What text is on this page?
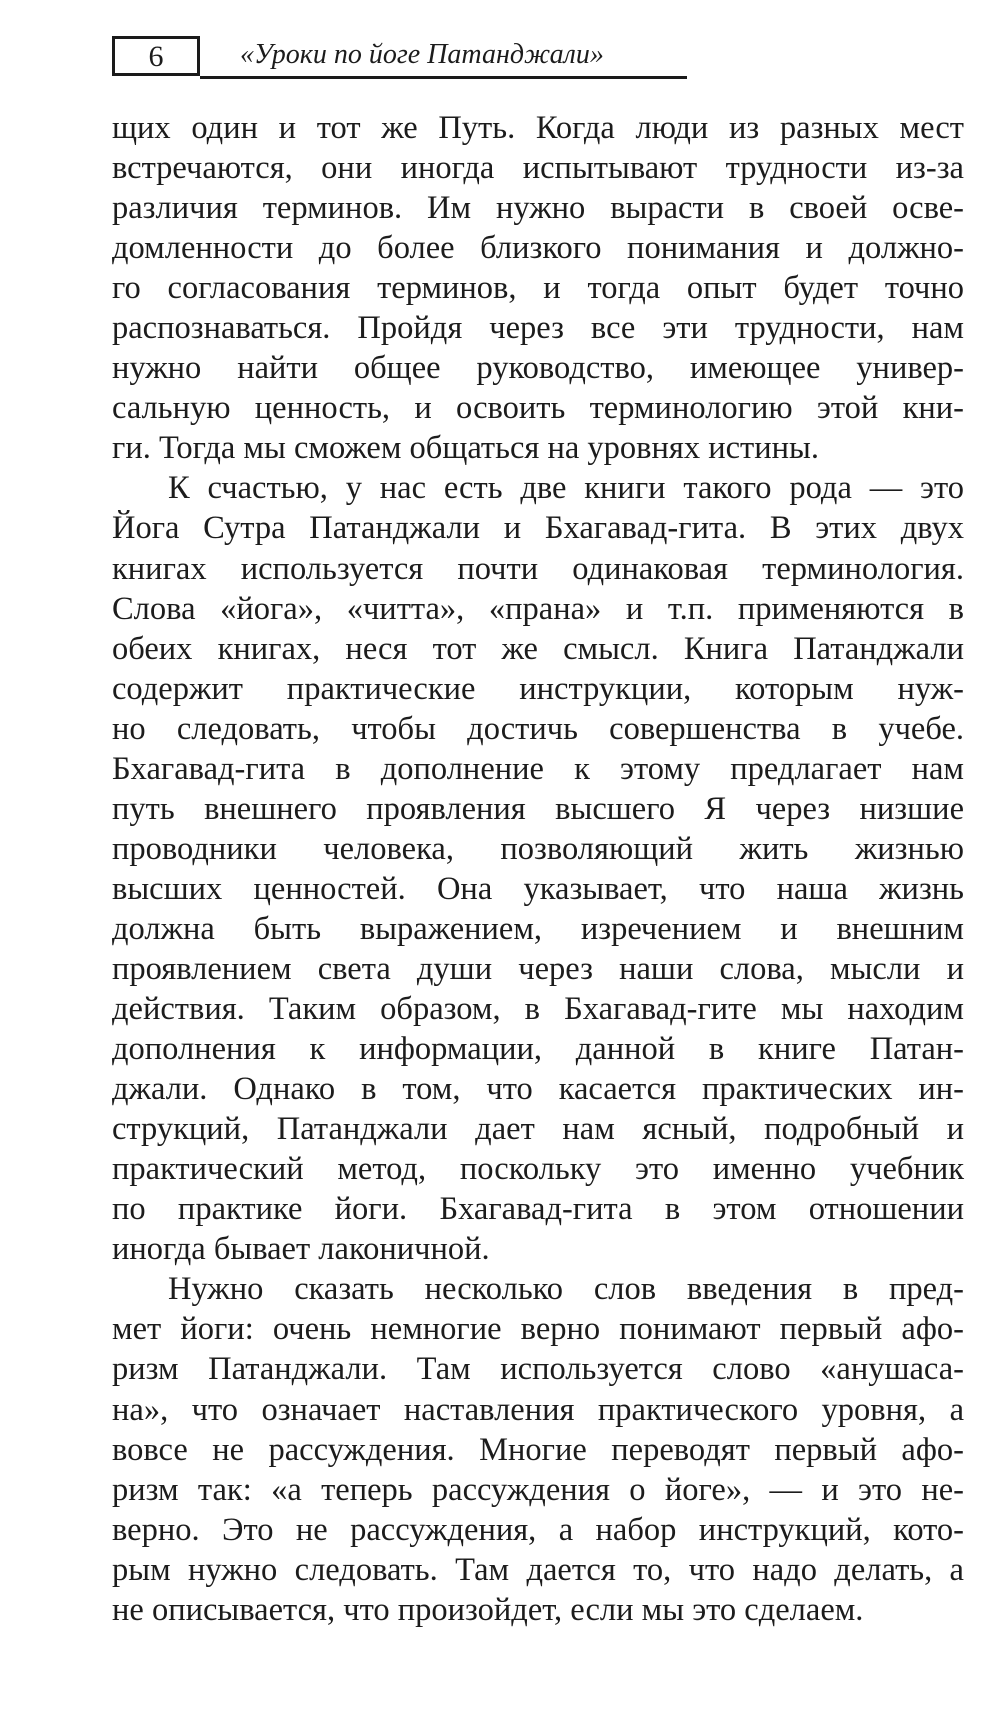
6	«Уроки по йоге Патанджали»
щих один и тот же Путь. Когда люди из разных мест
встречаются, они иногда испытывают трудности из-за
различия терминов. Им нужно вырасти в своей осве-
домленности до более близкого понимания и должно-
го согласования терминов, и тогда опыт будет точно
распознаваться. Пройдя через все эти трудности, нам
нужно найти общее руководство, имеющее универ-
сальную ценность, и освоить терминологию этой кни-
ги. Тогда мы сможем общаться на уровнях истины.
К счастью, у нас есть две книги такого рода — это
Йога Сутра Патанджали и Бхагавад-гита. В этих двух
книгах используется почти одинаковая терминология.
Слова «йога», «читта», «прана» и т.п. применяются в
обеих книгах, неся тот же смысл. Книга Патанджали
содержит практические инструкции, которым нуж-
но следовать, чтобы достичь совершенства в учебе.
Бхагавад-гита в дополнение к этому предлагает нам
путь внешнего проявления высшего Я через низшие
проводники человека, позволяющий жить жизнью
высших ценностей. Она указывает, что наша жизнь
должна быть выражением, изречением и внешним
проявлением света души через наши слова, мысли и
действия. Таким образом, в Бхагавад-гите мы находим
дополнения к информации, данной в книге Патан-
джали. Однако в том, что касается практических ин-
струкций, Патанджали дает нам ясный, подробный и
практический метод, поскольку это именно учебник
по практике йоги. Бхагавад-гита в этом отношении
иногда бывает лаконичной.
Нужно сказать несколько слов введения в пред-
мет йоги: очень немногие верно понимают первый афо-
ризм Патанджали. Там используется слово «анушаса-
на», что означает наставления практического уровня, а
вовсе не рассуждения. Многие переводят первый афо-
ризм так: «а теперь рассуждения о йоге», — и это не-
верно. Это не рассуждения, а набор инструкций, кото-
рым нужно следовать. Там дается то, что надо делать, а
не описывается, что произойдет, если мы это сделаем.
